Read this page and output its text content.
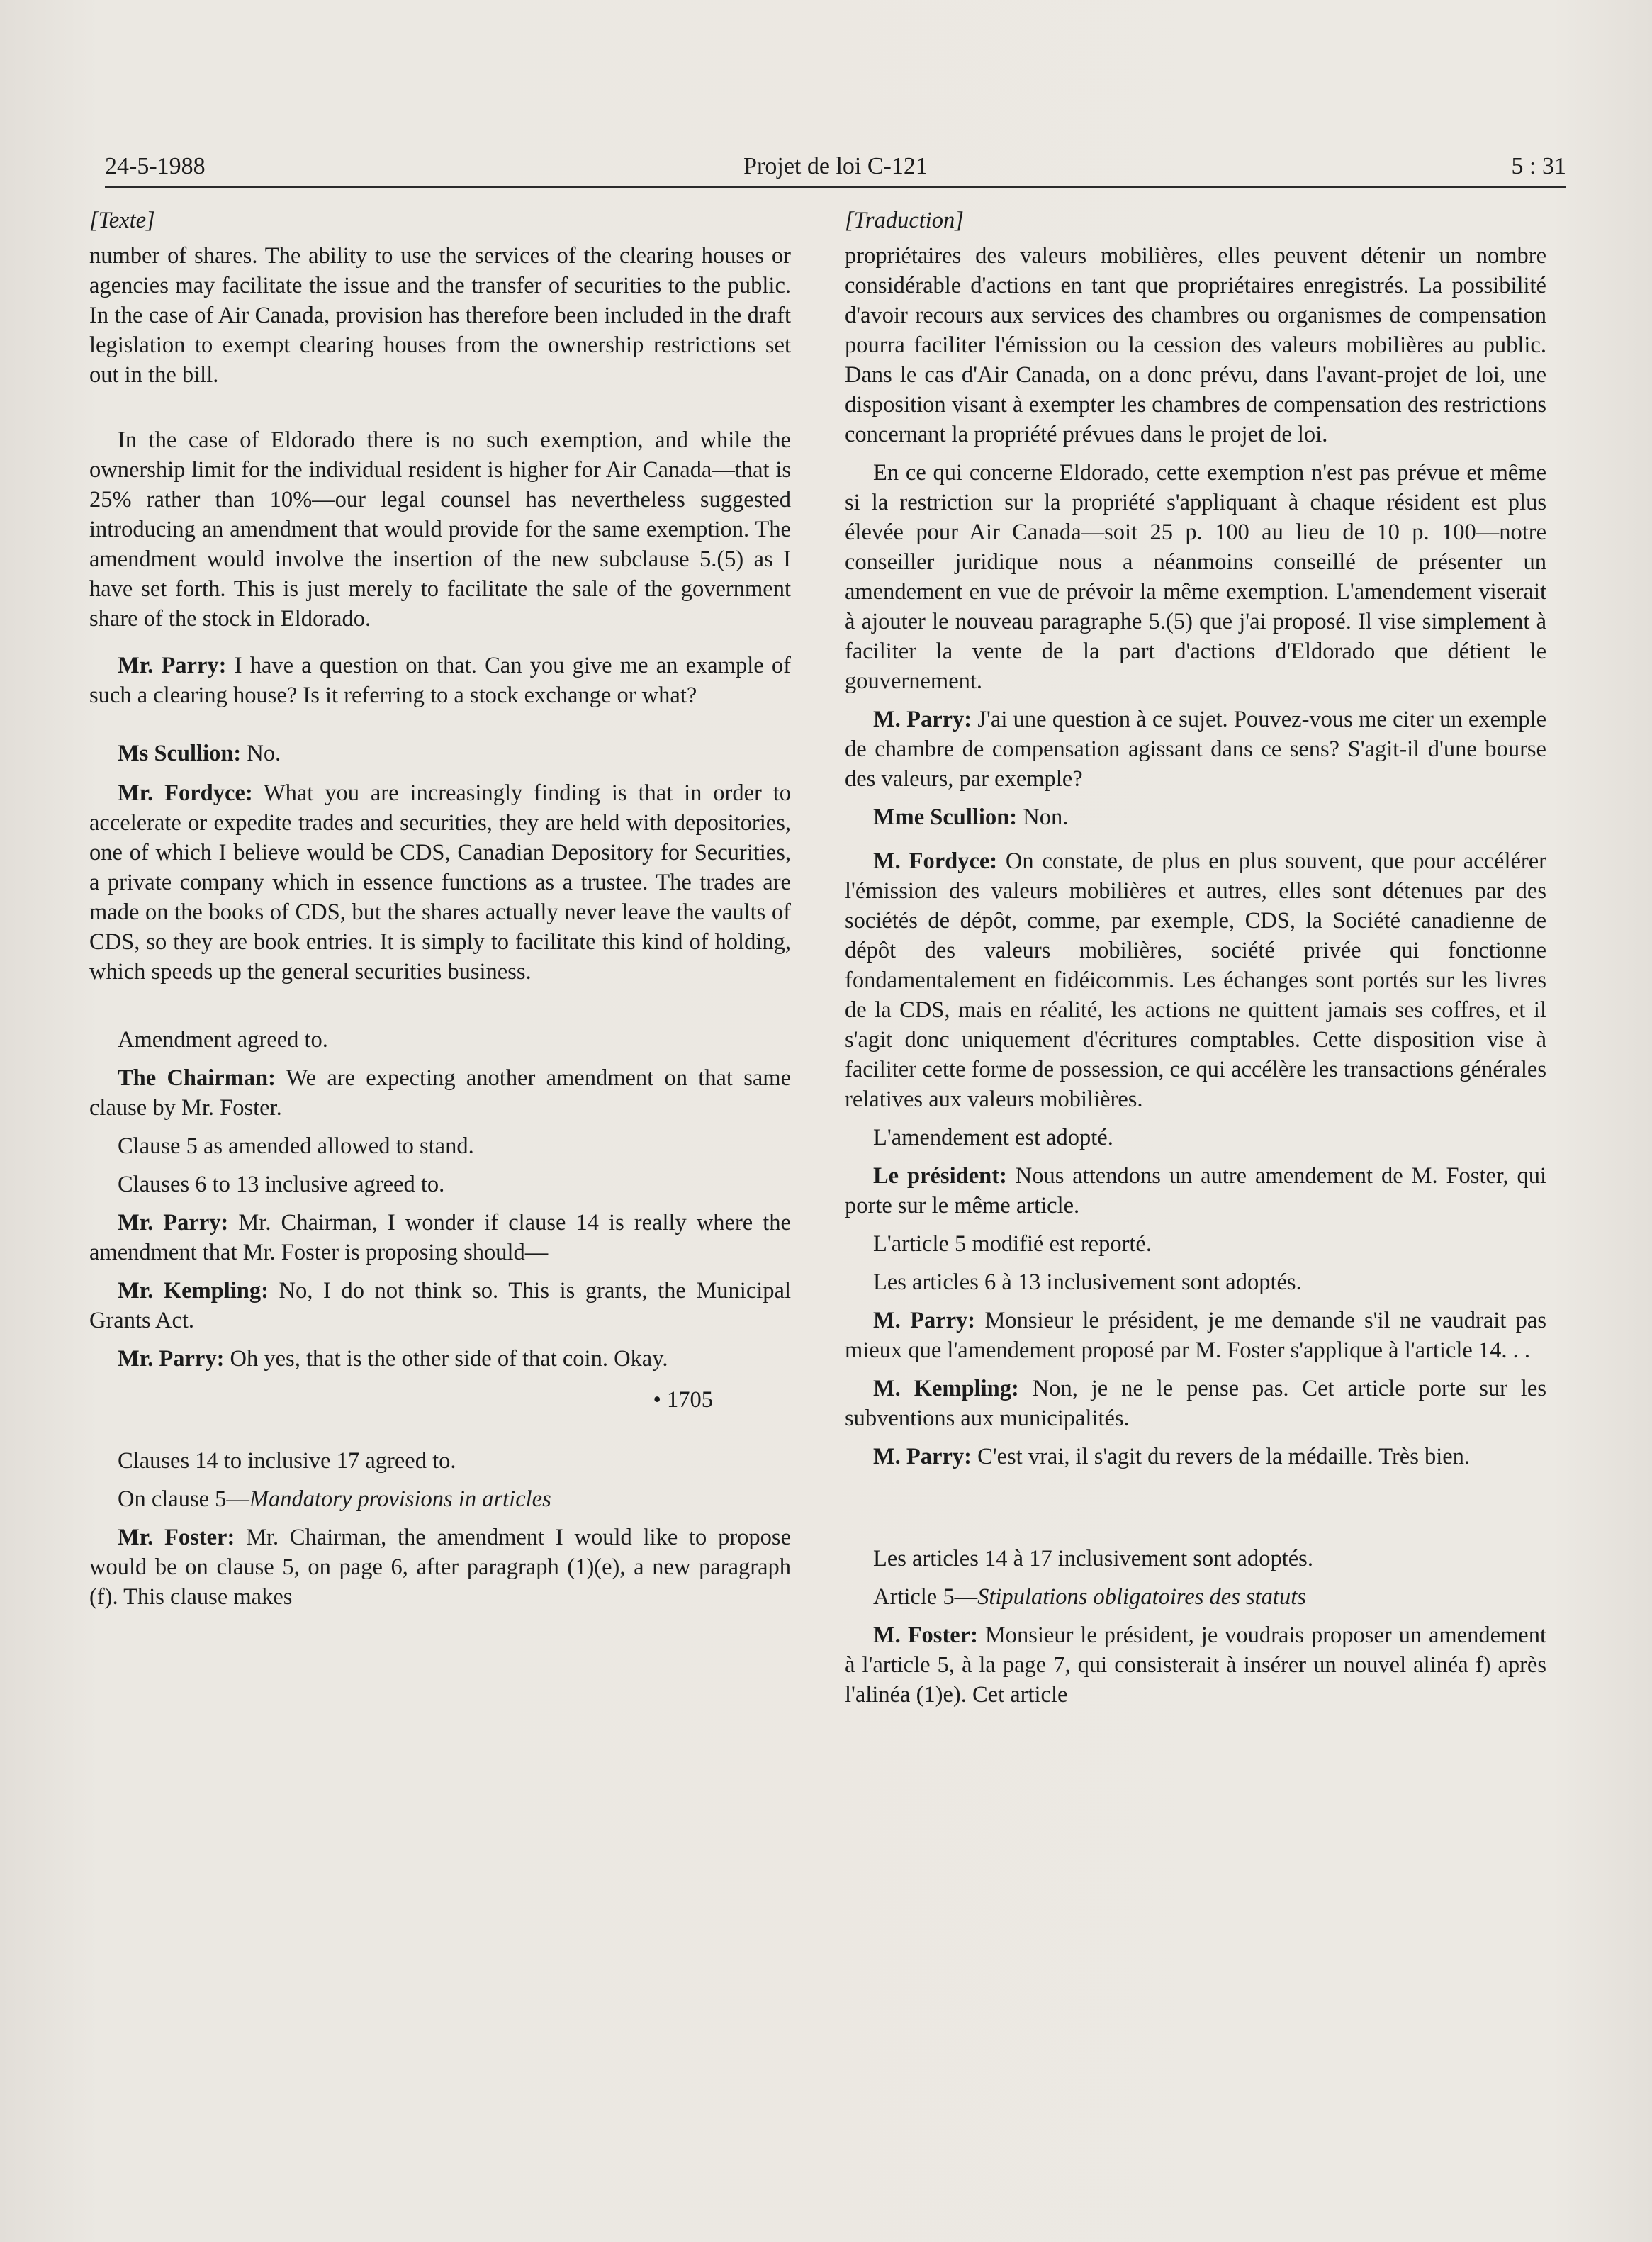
24-5-1988	Projet de loi C-121	5 : 31
[Texte]

number of shares. The ability to use the services of the clearing houses or agencies may facilitate the issue and the transfer of securities to the public. In the case of Air Canada, provision has therefore been included in the draft legislation to exempt clearing houses from the ownership restrictions set out in the bill.

In the case of Eldorado there is no such exemption, and while the ownership limit for the individual resident is higher for Air Canada—that is 25% rather than 10%—our legal counsel has nevertheless suggested introducing an amendment that would provide for the same exemption. The amendment would involve the insertion of the new subclause 5.(5) as I have set forth. This is just merely to facilitate the sale of the government share of the stock in Eldorado.

Mr. Parry: I have a question on that. Can you give me an example of such a clearing house? Is it referring to a stock exchange or what?

Ms Scullion: No.

Mr. Fordyce: What you are increasingly finding is that in order to accelerate or expedite trades and securities, they are held with depositories, one of which I believe would be CDS, Canadian Depository for Securities, a private company which in essence functions as a trustee. The trades are made on the books of CDS, but the shares actually never leave the vaults of CDS, so they are book entries. It is simply to facilitate this kind of holding, which speeds up the general securities business.

Amendment agreed to.

The Chairman: We are expecting another amendment on that same clause by Mr. Foster.

Clause 5 as amended allowed to stand.

Clauses 6 to 13 inclusive agreed to.

Mr. Parry: Mr. Chairman, I wonder if clause 14 is really where the amendment that Mr. Foster is proposing should—

Mr. Kempling: No, I do not think so. This is grants, the Municipal Grants Act.

Mr. Parry: Oh yes, that is the other side of that coin. Okay.

• 1705

Clauses 14 to inclusive 17 agreed to.

On clause 5—Mandatory provisions in articles

Mr. Foster: Mr. Chairman, the amendment I would like to propose would be on clause 5, on page 6, after paragraph (1)(e), a new paragraph (f). This clause makes

[Traduction]

propriétaires des valeurs mobilières, elles peuvent détenir un nombre considérable d'actions en tant que propriétaires enregistrés. La possibilité d'avoir recours aux services des chambres ou organismes de compensation pourra faciliter l'émission ou la cession des valeurs mobilières au public. Dans le cas d'Air Canada, on a donc prévu, dans l'avant-projet de loi, une disposition visant à exempter les chambres de compensation des restrictions concernant la propriété prévues dans le projet de loi.

En ce qui concerne Eldorado, cette exemption n'est pas prévue et même si la restriction sur la propriété s'appliquant à chaque résident est plus élevée pour Air Canada—soit 25 p. 100 au lieu de 10 p. 100—notre conseiller juridique nous a néanmoins conseillé de présenter un amendement en vue de prévoir la même exemption. L'amendement viserait à ajouter le nouveau paragraphe 5.(5) que j'ai proposé. Il vise simplement à faciliter la vente de la part d'actions d'Eldorado que détient le gouvernement.

M. Parry: J'ai une question à ce sujet. Pouvez-vous me citer un exemple de chambre de compensation agissant dans ce sens? S'agit-il d'une bourse des valeurs, par exemple?

Mme Scullion: Non.

M. Fordyce: On constate, de plus en plus souvent, que pour accélérer l'émission des valeurs mobilières et autres, elles sont détenues par des sociétés de dépôt, comme, par exemple, CDS, la Société canadienne de dépôt des valeurs mobilières, société privée qui fonctionne fondamentalement en fidéicommis. Les échanges sont portés sur les livres de la CDS, mais en réalité, les actions ne quittent jamais ses coffres, et il s'agit donc uniquement d'écritures comptables. Cette disposition vise à faciliter cette forme de possession, ce qui accélère les transactions générales relatives aux valeurs mobilières.

L'amendement est adopté.

Le président: Nous attendons un autre amendement de M. Foster, qui porte sur le même article.

L'article 5 modifié est reporté.

Les articles 6 à 13 inclusivement sont adoptés.

M. Parry: Monsieur le président, je me demande s'il ne vaudrait pas mieux que l'amendement proposé par M. Foster s'applique à l'article 14. . .

M. Kempling: Non, je ne le pense pas. Cet article porte sur les subventions aux municipalités.

M. Parry: C'est vrai, il s'agit du revers de la médaille. Très bien.

Les articles 14 à 17 inclusivement sont adoptés.

Article 5—Stipulations obligatoires des statuts

M. Foster: Monsieur le président, je voudrais proposer un amendement à l'article 5, à la page 7, qui consisterait à insérer un nouvel alinéa f) après l'alinéa (1)e). Cet article
